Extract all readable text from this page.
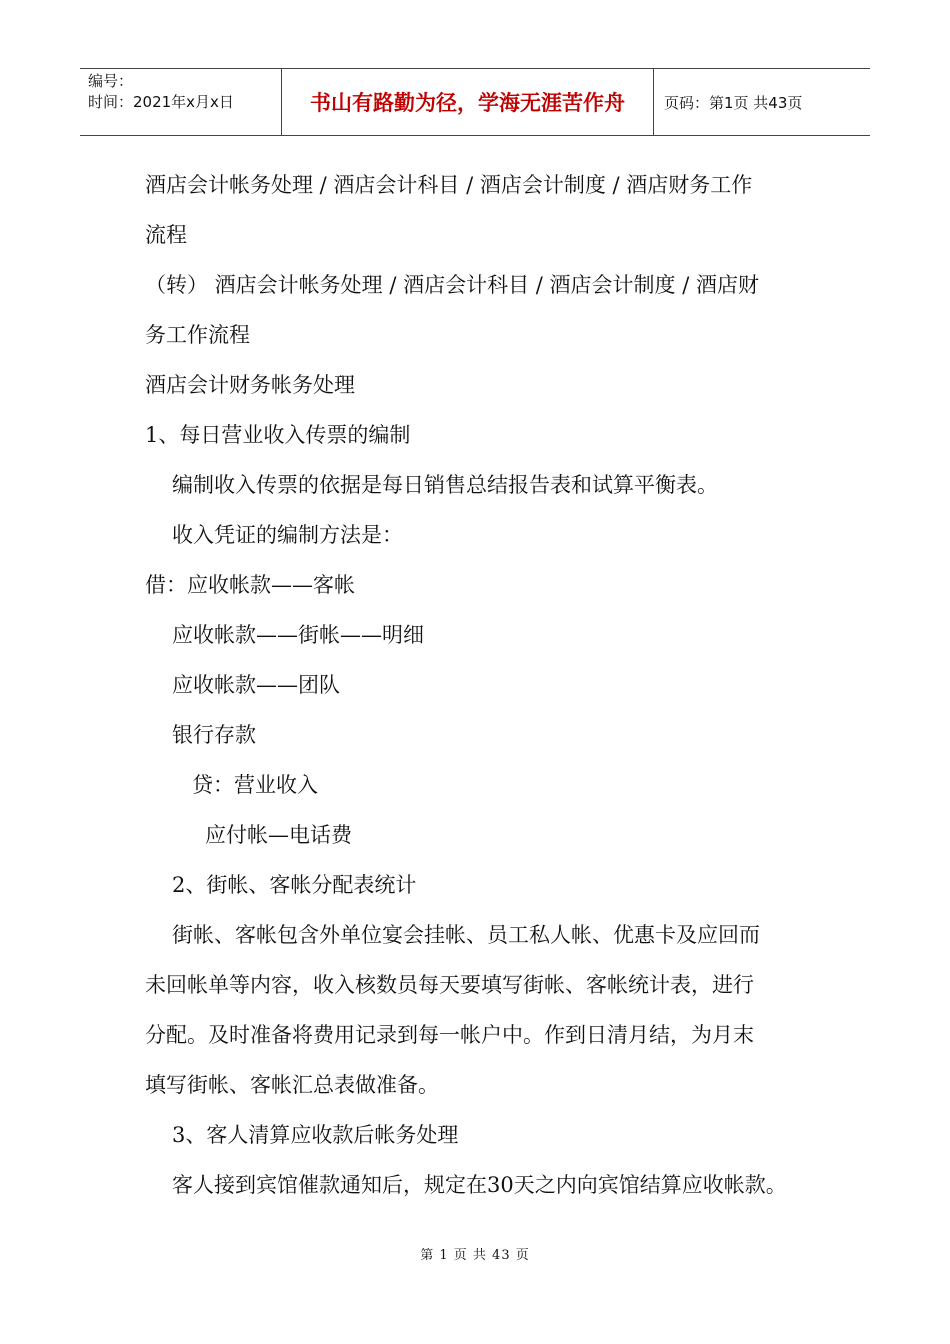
编号：
时间：2021年x月x日	书山有路勤为径，学海无涯苦作舟	页码：第1页 共43页

酒店会计帐务处理 / 酒店会计科目 / 酒店会计制度 / 酒店财务工作

流程

（转） 酒店会计帐务处理 / 酒店会计科目 / 酒店会计制度 / 酒店财

务工作流程

酒店会计财务帐务处理

1、每日营业收入传票的编制

编制收入传票的依据是每日销售总结报告表和试算平衡表。

收入凭证的编制方法是：

借：应收帐款——客帐

应收帐款——街帐——明细

应收帐款——团队

银行存款

贷：营业收入

应付帐—电话费

2、街帐、客帐分配表统计

街帐、客帐包含外单位宴会挂帐、员工私人帐、优惠卡及应回而

未回帐单等内容，收入核数员每天要填写街帐、客帐统计表，进行

分配。及时准备将费用记录到每一帐户中。作到日清月结，为月末

填写街帐、客帐汇总表做准备。

3、客人清算应收款后帐务处理

客人接到宾馆催款通知后，规定在30天之内向宾馆结算应收帐款。

第 1 页 共 43 页
